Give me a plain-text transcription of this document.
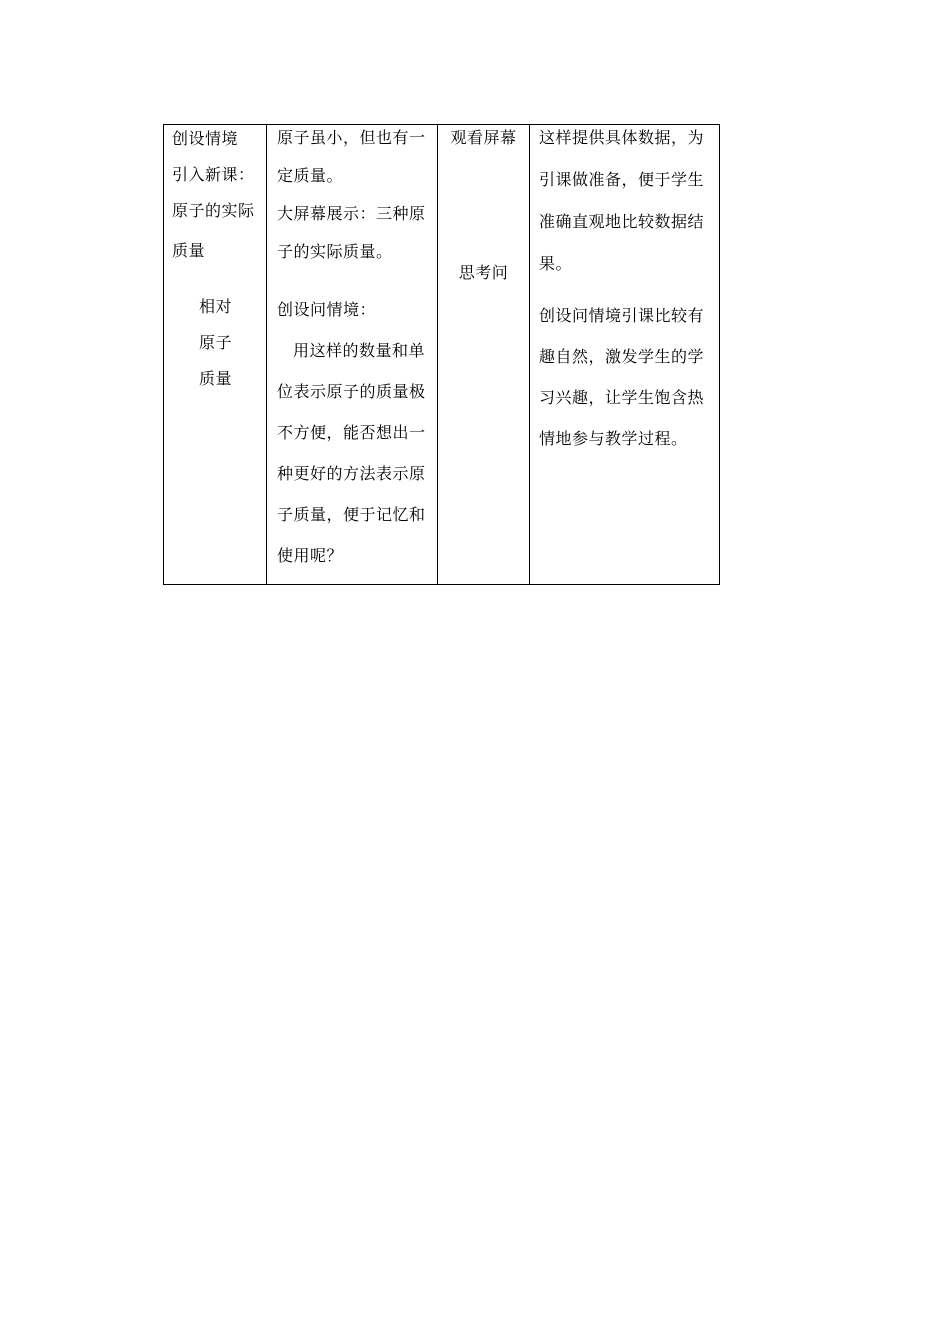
创设情境
引入新课：
原子的实际
质量
相对
原子
质量

原子虽小，但也有一
定质量。
大屏幕展示：三种原
子的实际质量。
创设问情境：
用这样的数量和单
位表示原子的质量极
不方便，能否想出一
种更好的方法表示原
子质量，便于记忆和
使用呢？

观看屏幕
思考问

这样提供具体数据，为
引课做准备，便于学生
准确直观地比较数据结
果。
创设问情境引课比较有
趣自然，激发学生的学
习兴趣，让学生饱含热
情地参与教学过程。
